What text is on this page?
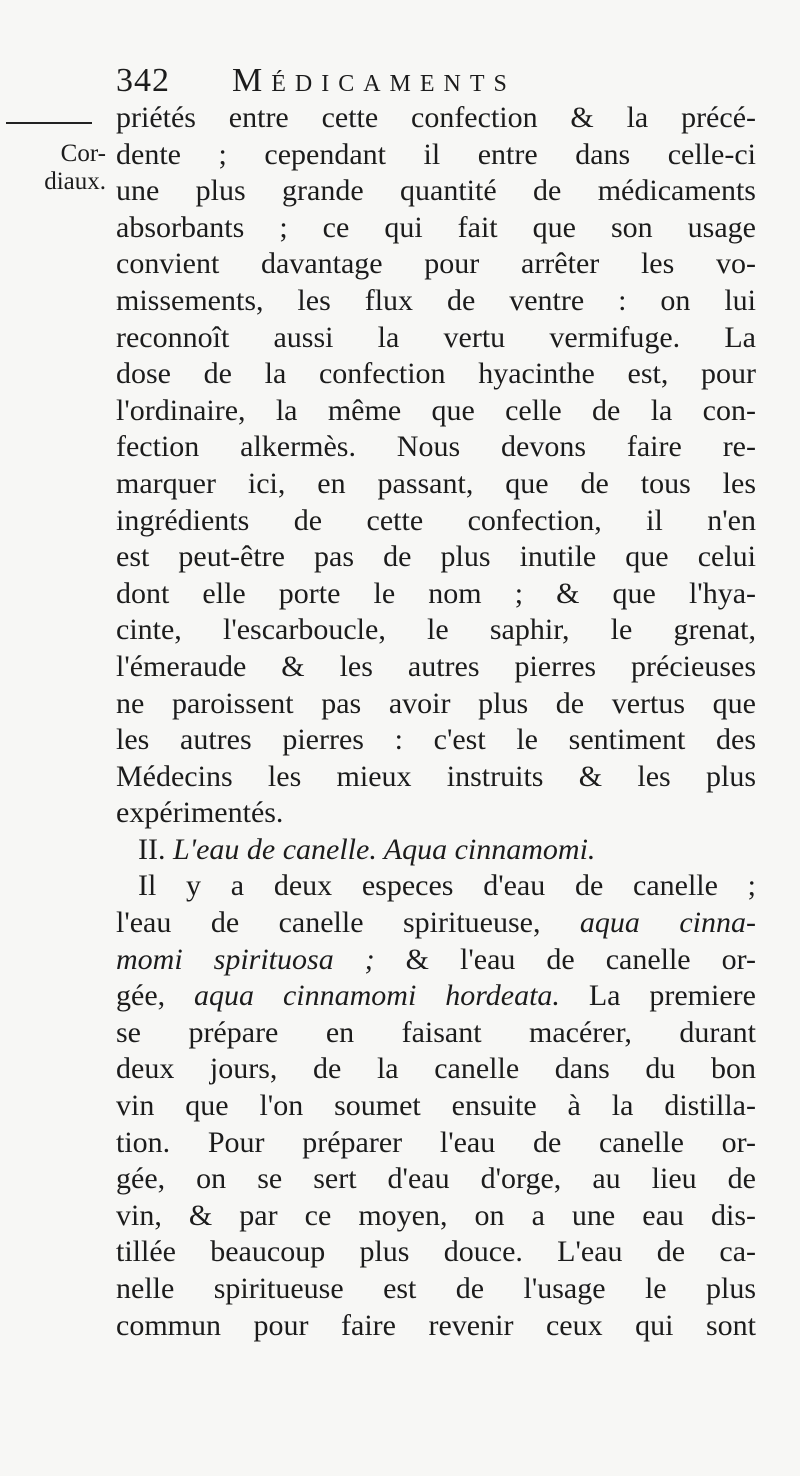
342 Médicaments
Cor-
diaux.
priétés entre cette confection & la précé-
dente ; cependant il entre dans celle-ci
une plus grande quantité de médicaments
absorbants ; ce qui fait que son usage
convient davantage pour arrêter les vo-
missements, les flux de ventre : on lui
reconnoît aussi la vertu vermifuge. La
dose de la confection hyacinthe est, pour
l'ordinaire, la même que celle de la con-
fection alkermès. Nous devons faire re-
marquer ici, en passant, que de tous les
ingrédients de cette confection, il n'en
est peut-être pas de plus inutile que celui
dont elle porte le nom ; & que l'hya-
cinte, l'escarboucle, le saphir, le grenat,
l'émeraude & les autres pierres précieuses
ne paroissent pas avoir plus de vertus que
les autres pierres : c'est le sentiment des
Médecins les mieux instruits & les plus
expérimentés.
II. L'eau de canelle. Aqua cinnamomi.
Il y a deux especes d'eau de canelle ;
l'eau de canelle spiritueuse, aqua cinna-
momi spirituosa ; & l'eau de canelle or-
gée, aqua cinnamomi hordeata. La premiere
se prépare en faisant macérer, durant
deux jours, de la canelle dans du bon
vin que l'on soumet ensuite à la distilla-
tion. Pour préparer l'eau de canelle or-
gée, on se sert d'eau d'orge, au lieu de
vin, & par ce moyen, on a une eau dis-
tillée beaucoup plus douce. L'eau de ca-
nelle spiritueuse est de l'usage le plus
commun pour faire revenir ceux qui sont
